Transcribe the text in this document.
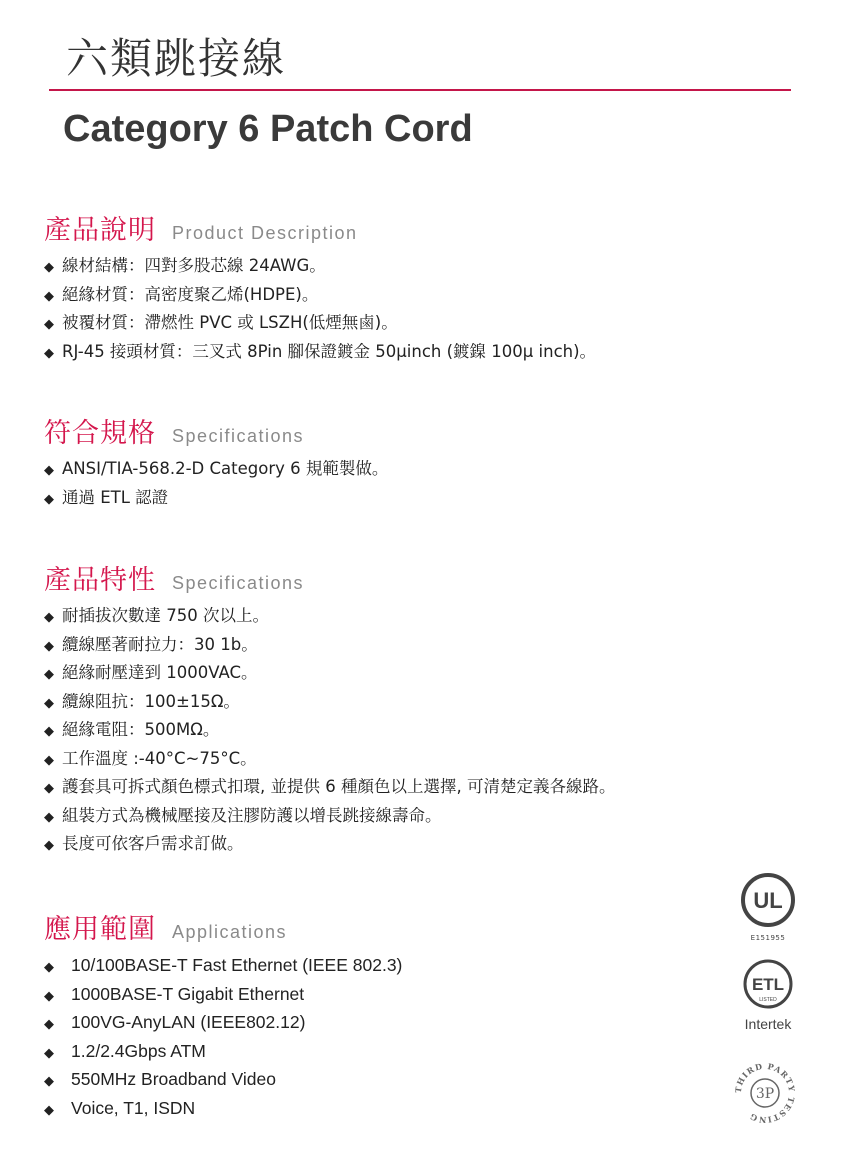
六類跳接線
Category 6 Patch Cord
產品說明 Product Description
◆ 線材結構：四對多股芯線 24AWG。
◆ 絕緣材質：高密度聚乙烯(HDPE)。
◆ 被覆材質：滯燃性 PVC 或 LSZH(低煙無鹵)。
◆ RJ-45 接頭材質：三叉式 8Pin 腳保證鍍金 50μinch (鍍鎳 100μ inch)。
符合規格 Specifications
◆ ANSI/TIA-568.2-D Category 6 規範製做。
◆ 通過 ETL 認證
產品特性 Specifications
◆ 耐插拔次數達 750 次以上。
◆ 纜線壓著耐拉力：30 1b。
◆ 絕緣耐壓達到 1000VAC。
◆ 纜線阻抗：100±15Ω。
◆ 絕緣電阻：500MΩ。
◆ 工作溫度 :-40°C~75°C。
◆ 護套具可拆式顏色標式扣環, 並提供 6 種顏色以上選擇, 可清楚定義各線路。
◆ 組裝方式為機械壓接及注膠防護以增長跳接線壽命。
◆ 長度可依客戶需求訂做。
應用範圍 Applications
◆ 10/100BASE-T Fast Ethernet (IEEE 802.3)
◆ 1000BASE-T Gigabit Ethernet
◆ 100VG-AnyLAN (IEEE802.12)
◆ 1.2/2.4Gbps ATM
◆ 550MHz Broadband Video
◆ Voice, T1, ISDN
UL
E151955
ETL
LISTED
Intertek
THIRD PARTY TESTING
3P
